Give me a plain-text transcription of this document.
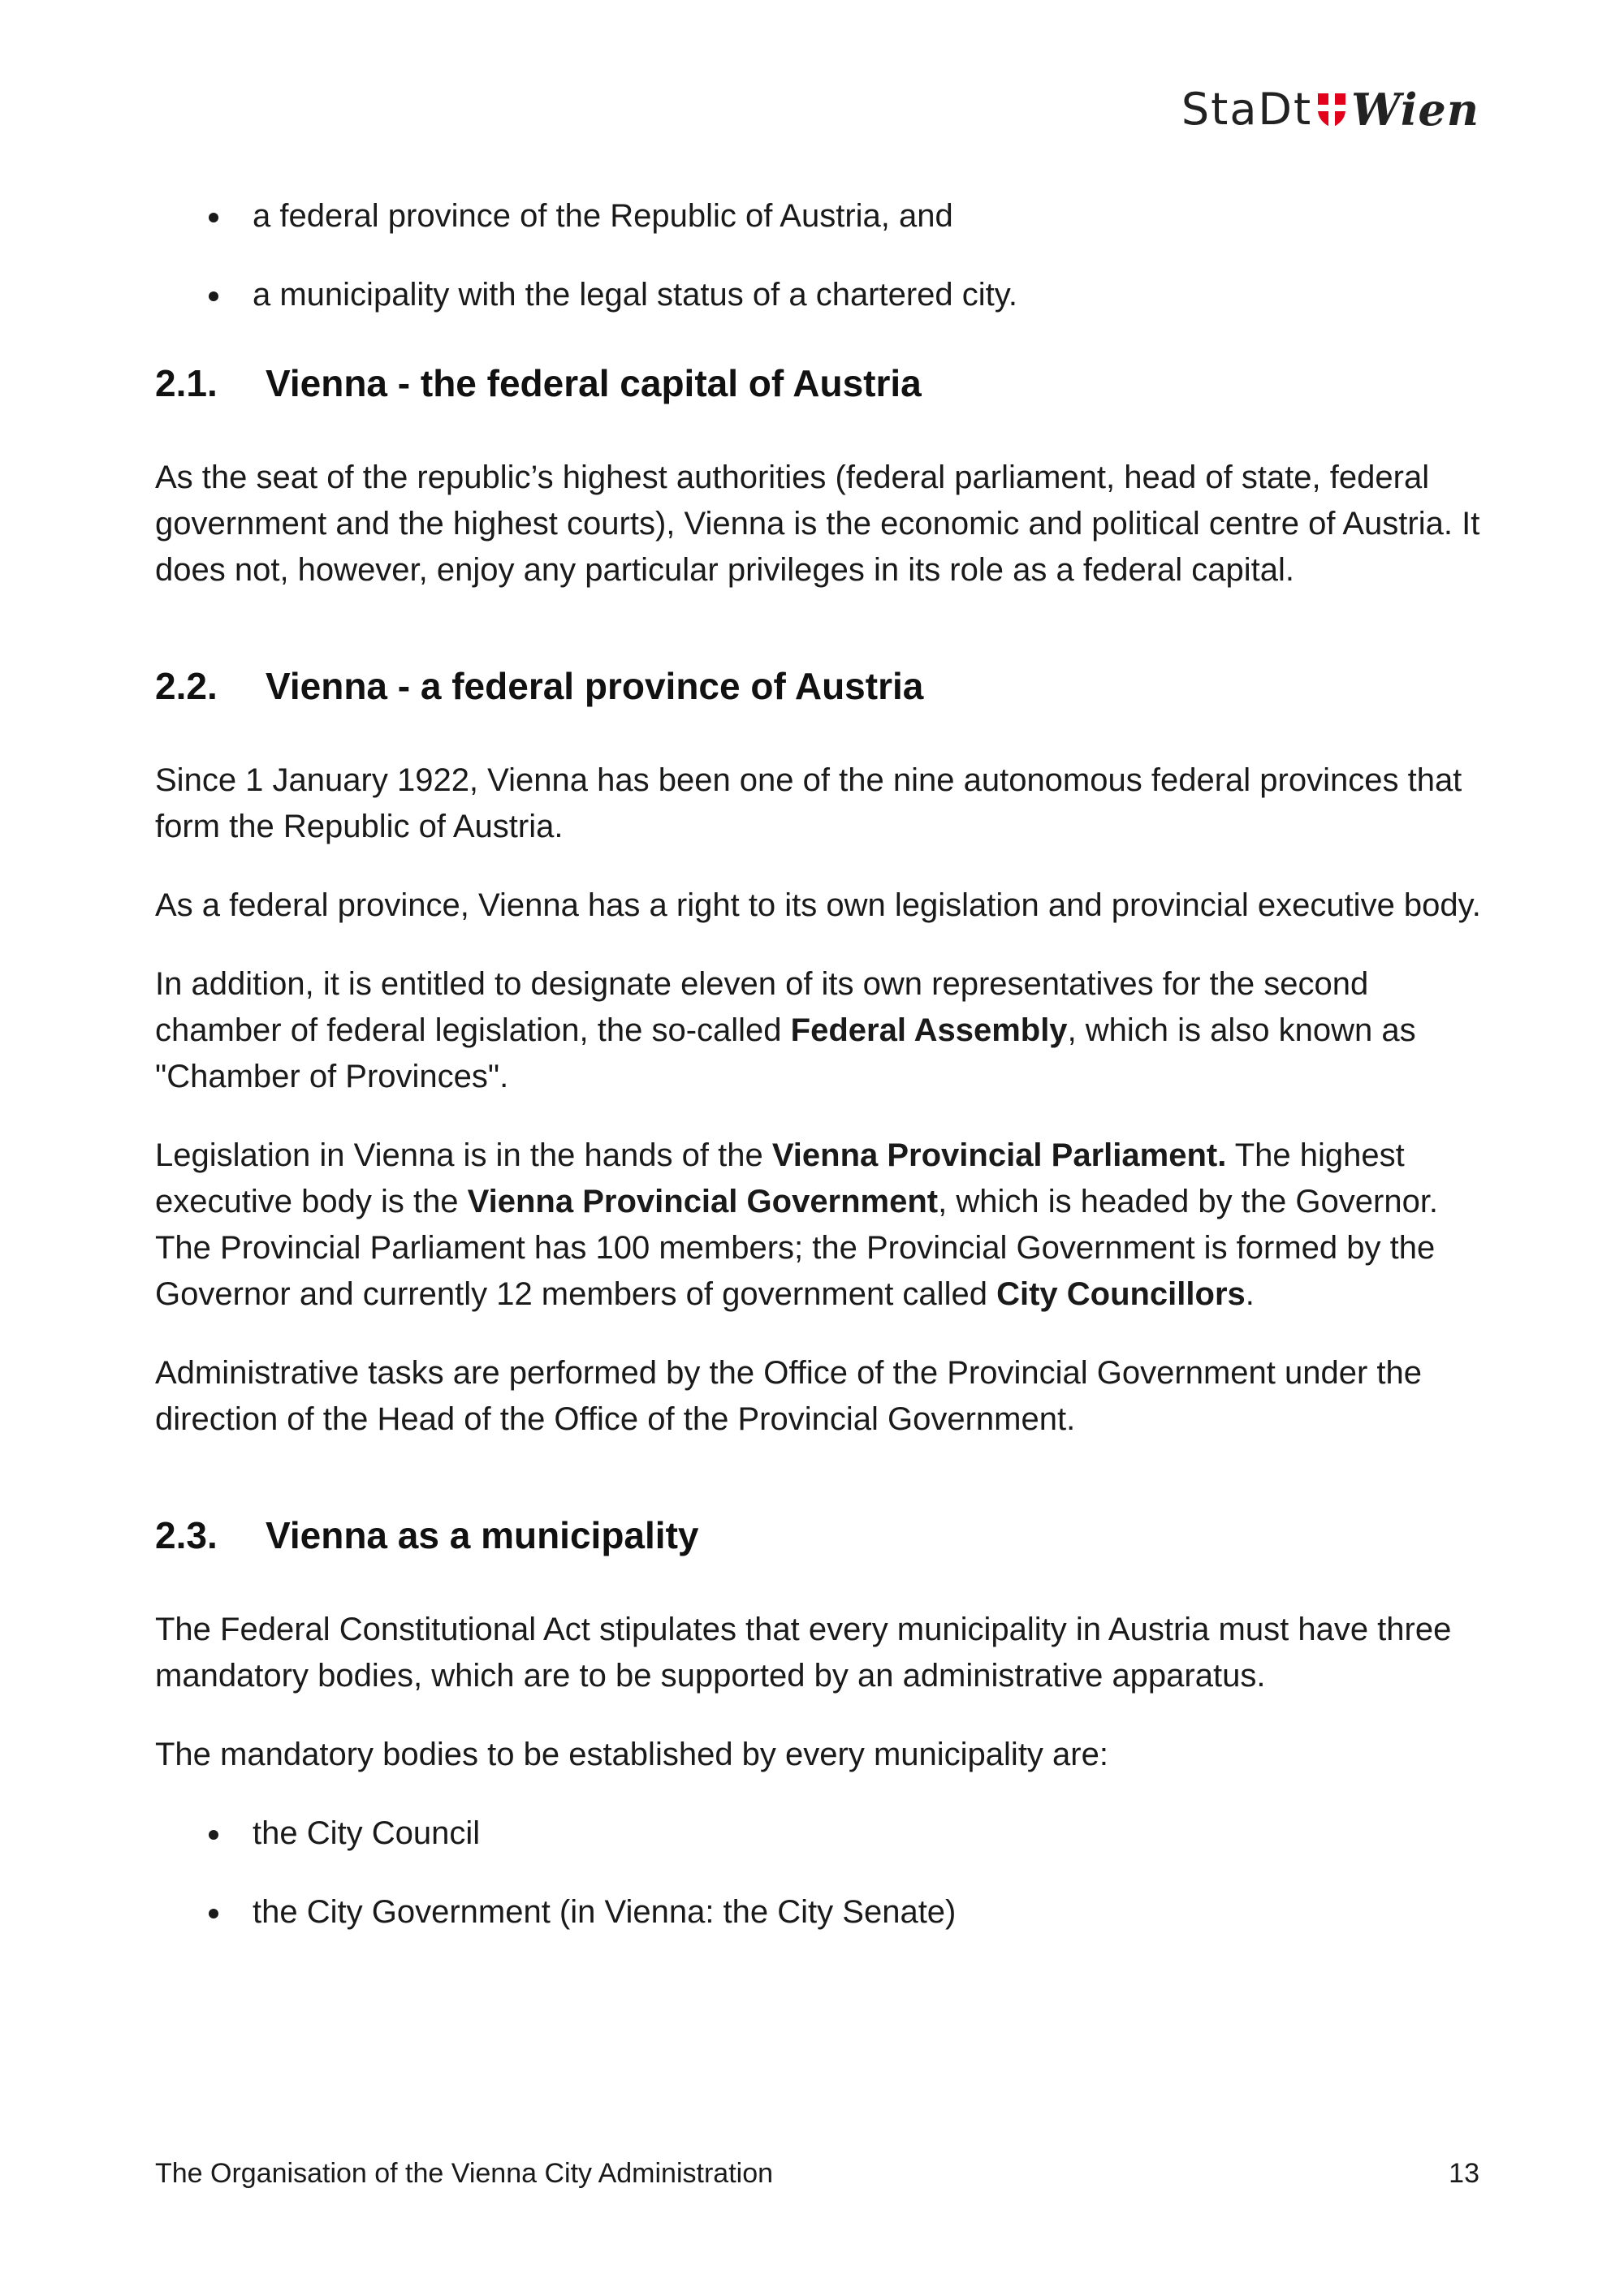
StaDt Wien
a federal province of the Republic of Austria, and
a municipality with the legal status of a chartered city.
2.1.	Vienna - the federal capital of Austria

As the seat of the republic’s highest authorities (federal parliament, head of state, federal government and the highest courts), Vienna is the economic and political centre of Austria. It does not, however, enjoy any particular privileges in its role as a federal capital.

2.2.	Vienna - a federal province of Austria

Since 1 January 1922, Vienna has been one of the nine autonomous federal provinces that form the Republic of Austria.

As a federal province, Vienna has a right to its own legislation and provincial executive body.

In addition, it is entitled to designate eleven of its own representatives for the second chamber of federal legislation, the so-called Federal Assembly, which is also known as "Chamber of Provinces".

Legislation in Vienna is in the hands of the Vienna Provincial Parliament. The highest executive body is the Vienna Provincial Government, which is headed by the Governor. The Provincial Parliament has 100 members; the Provincial Government is formed by the Governor and currently 12 members of government called City Councillors.

Administrative tasks are performed by the Office of the Provincial Government under the direction of the Head of the Office of the Provincial Government.

2.3.	Vienna as a municipality

The Federal Constitutional Act stipulates that every municipality in Austria must have three mandatory bodies, which are to be supported by an administrative apparatus.

The mandatory bodies to be established by every municipality are:

the City Council
the City Government (in Vienna: the City Senate)
The Organisation of the Vienna City Administration	13
